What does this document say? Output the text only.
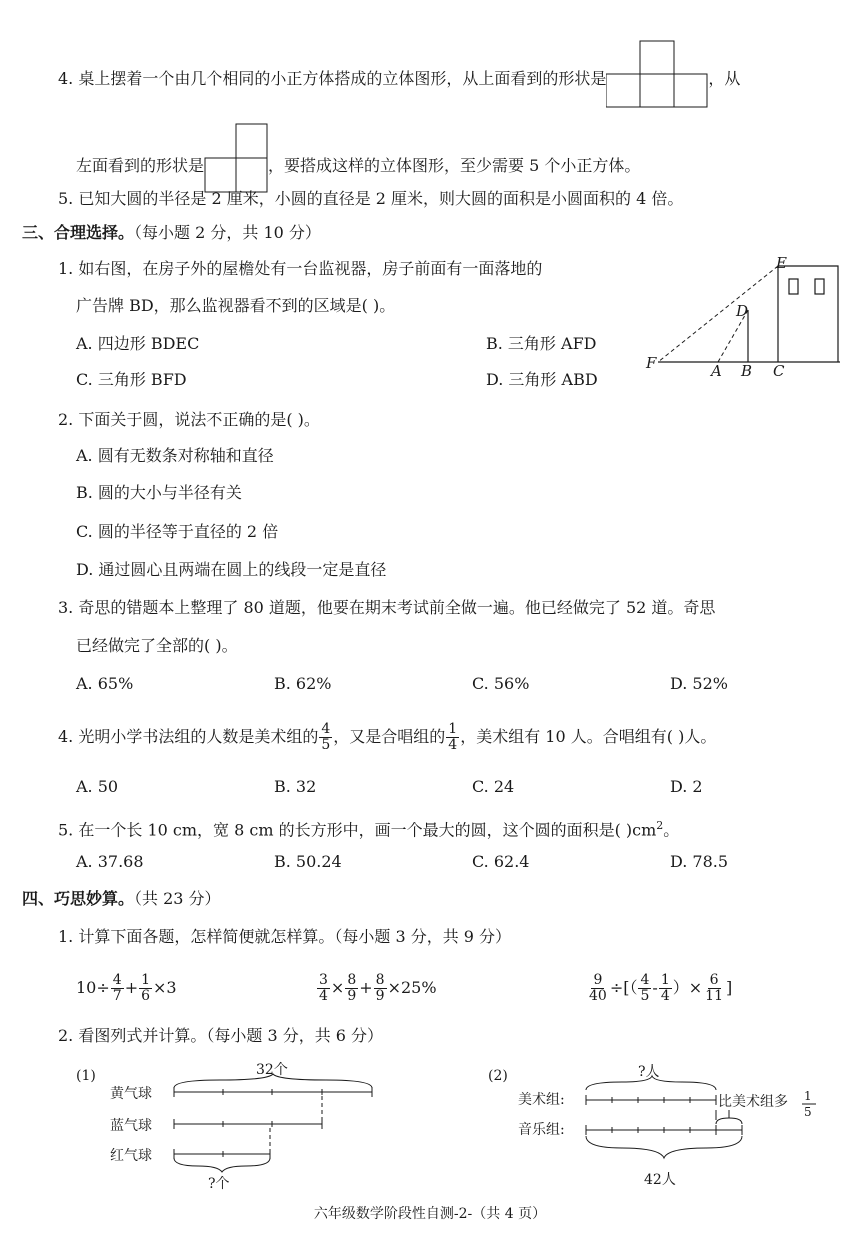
4. 桌上摆着一个由几个相同的小正方体搭成的立体图形，从上面看到的形状是	，从
左面看到的形状是	，要搭成这样的立体图形，至少需要 5 个小正方体。
5. 已知大圆的半径是 2 厘米，小圆的直径是 2 厘米，则大圆的面积是小圆面积的 4 倍。
三、合理选择。（每小题 2 分，共 10 分）
1. 如右图，在房子外的屋檐处有一台监视器，房子前面有一面落地的
广告牌 BD，那么监视器看不到的区域是( )。
A. 四边形 BDEC	B. 三角形 AFD
C. 三角形 BFD	D. 三角形 ABD
E
D
F	A B C
2. 下面关于圆，说法不正确的是( )。
A. 圆有无数条对称轴和直径
B. 圆的大小与半径有关
C. 圆的半径等于直径的 2 倍
D. 通过圆心且两端在圆上的线段一定是直径
3. 奇思的错题本上整理了 80 道题，他要在期末考试前全做一遍。他已经做完了 52 道。奇思
已经做完了全部的( )。
A. 65%	B. 62%	C. 56%	D. 52%
4. 光明小学书法组的人数是美术组的 $\frac{4}{5}$ ，又是合唱组的 $\frac{1}{4}$ ，美术组有 10 人。合唱组有( )人。
A. 50	B. 32	C. 24	D. 2
5. 在一个长 10 cm，宽 8 cm 的长方形中，画一个最大的圆，这个圆的面积是( )$cm^2$。
A. 37.68	B. 50.24	C. 62.4	D. 78.5
四、巧思妙算。（共 23 分）
1. 计算下面各题，怎样简便就怎样算。（每小题 3 分，共 9 分）
$10\div \frac{4}{7} + \frac{1}{6} \times 3$	$\frac{3}{4} \times \frac{8}{9} + \frac{8}{9} \times 25\%$	$\frac{9}{40}$ ÷[（ $\frac{4}{5} - \frac{1}{4}$ ）× $\frac{6}{11}$ ]
2. 看图列式并计算。（每小题 3 分，共 6 分）
(1)
黄气球
蓝气球
红气球
32个
?个
(2)
美术组:
音乐组:
?人
42人
比美术组多 1
5
六年级数学阶段性自测-2-（共 4 页）
